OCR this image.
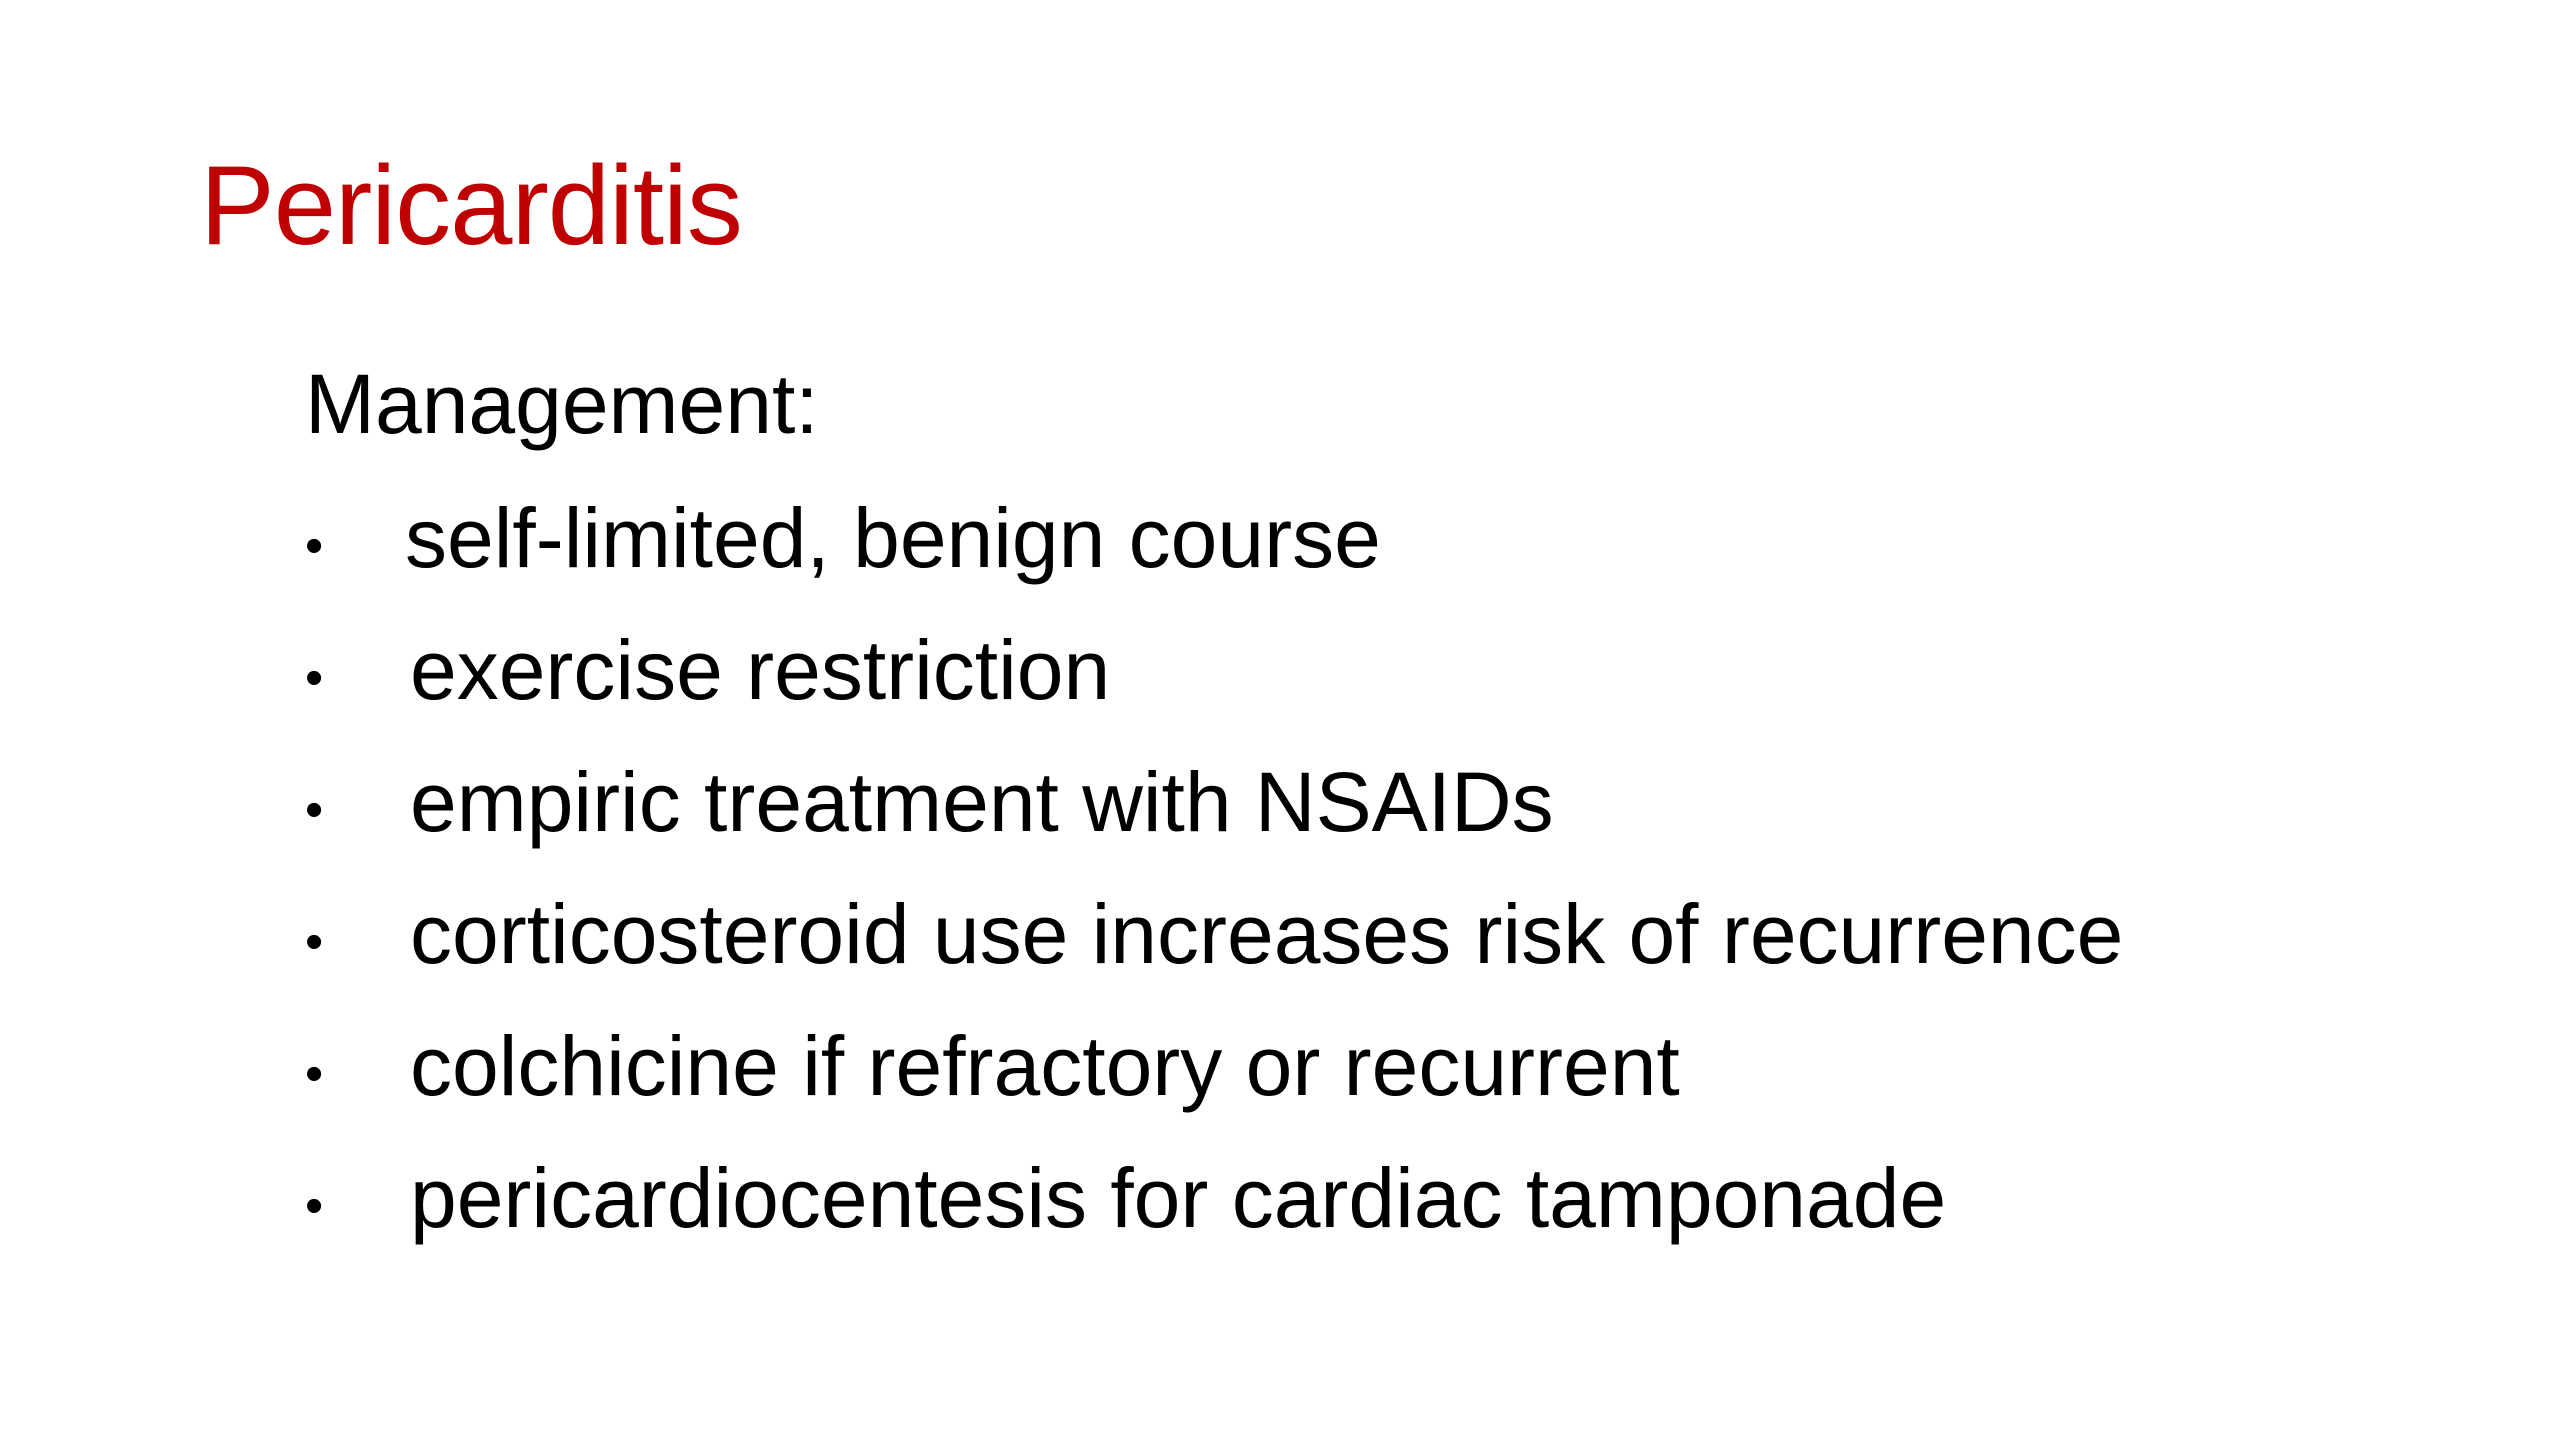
Pericarditis
Management:
• self-limited, benign course
• exercise restriction
• empiric treatment with NSAIDs
• corticosteroid use increases risk of recurrence
• colchicine if refractory or recurrent
• pericardiocentesis for cardiac tamponade
